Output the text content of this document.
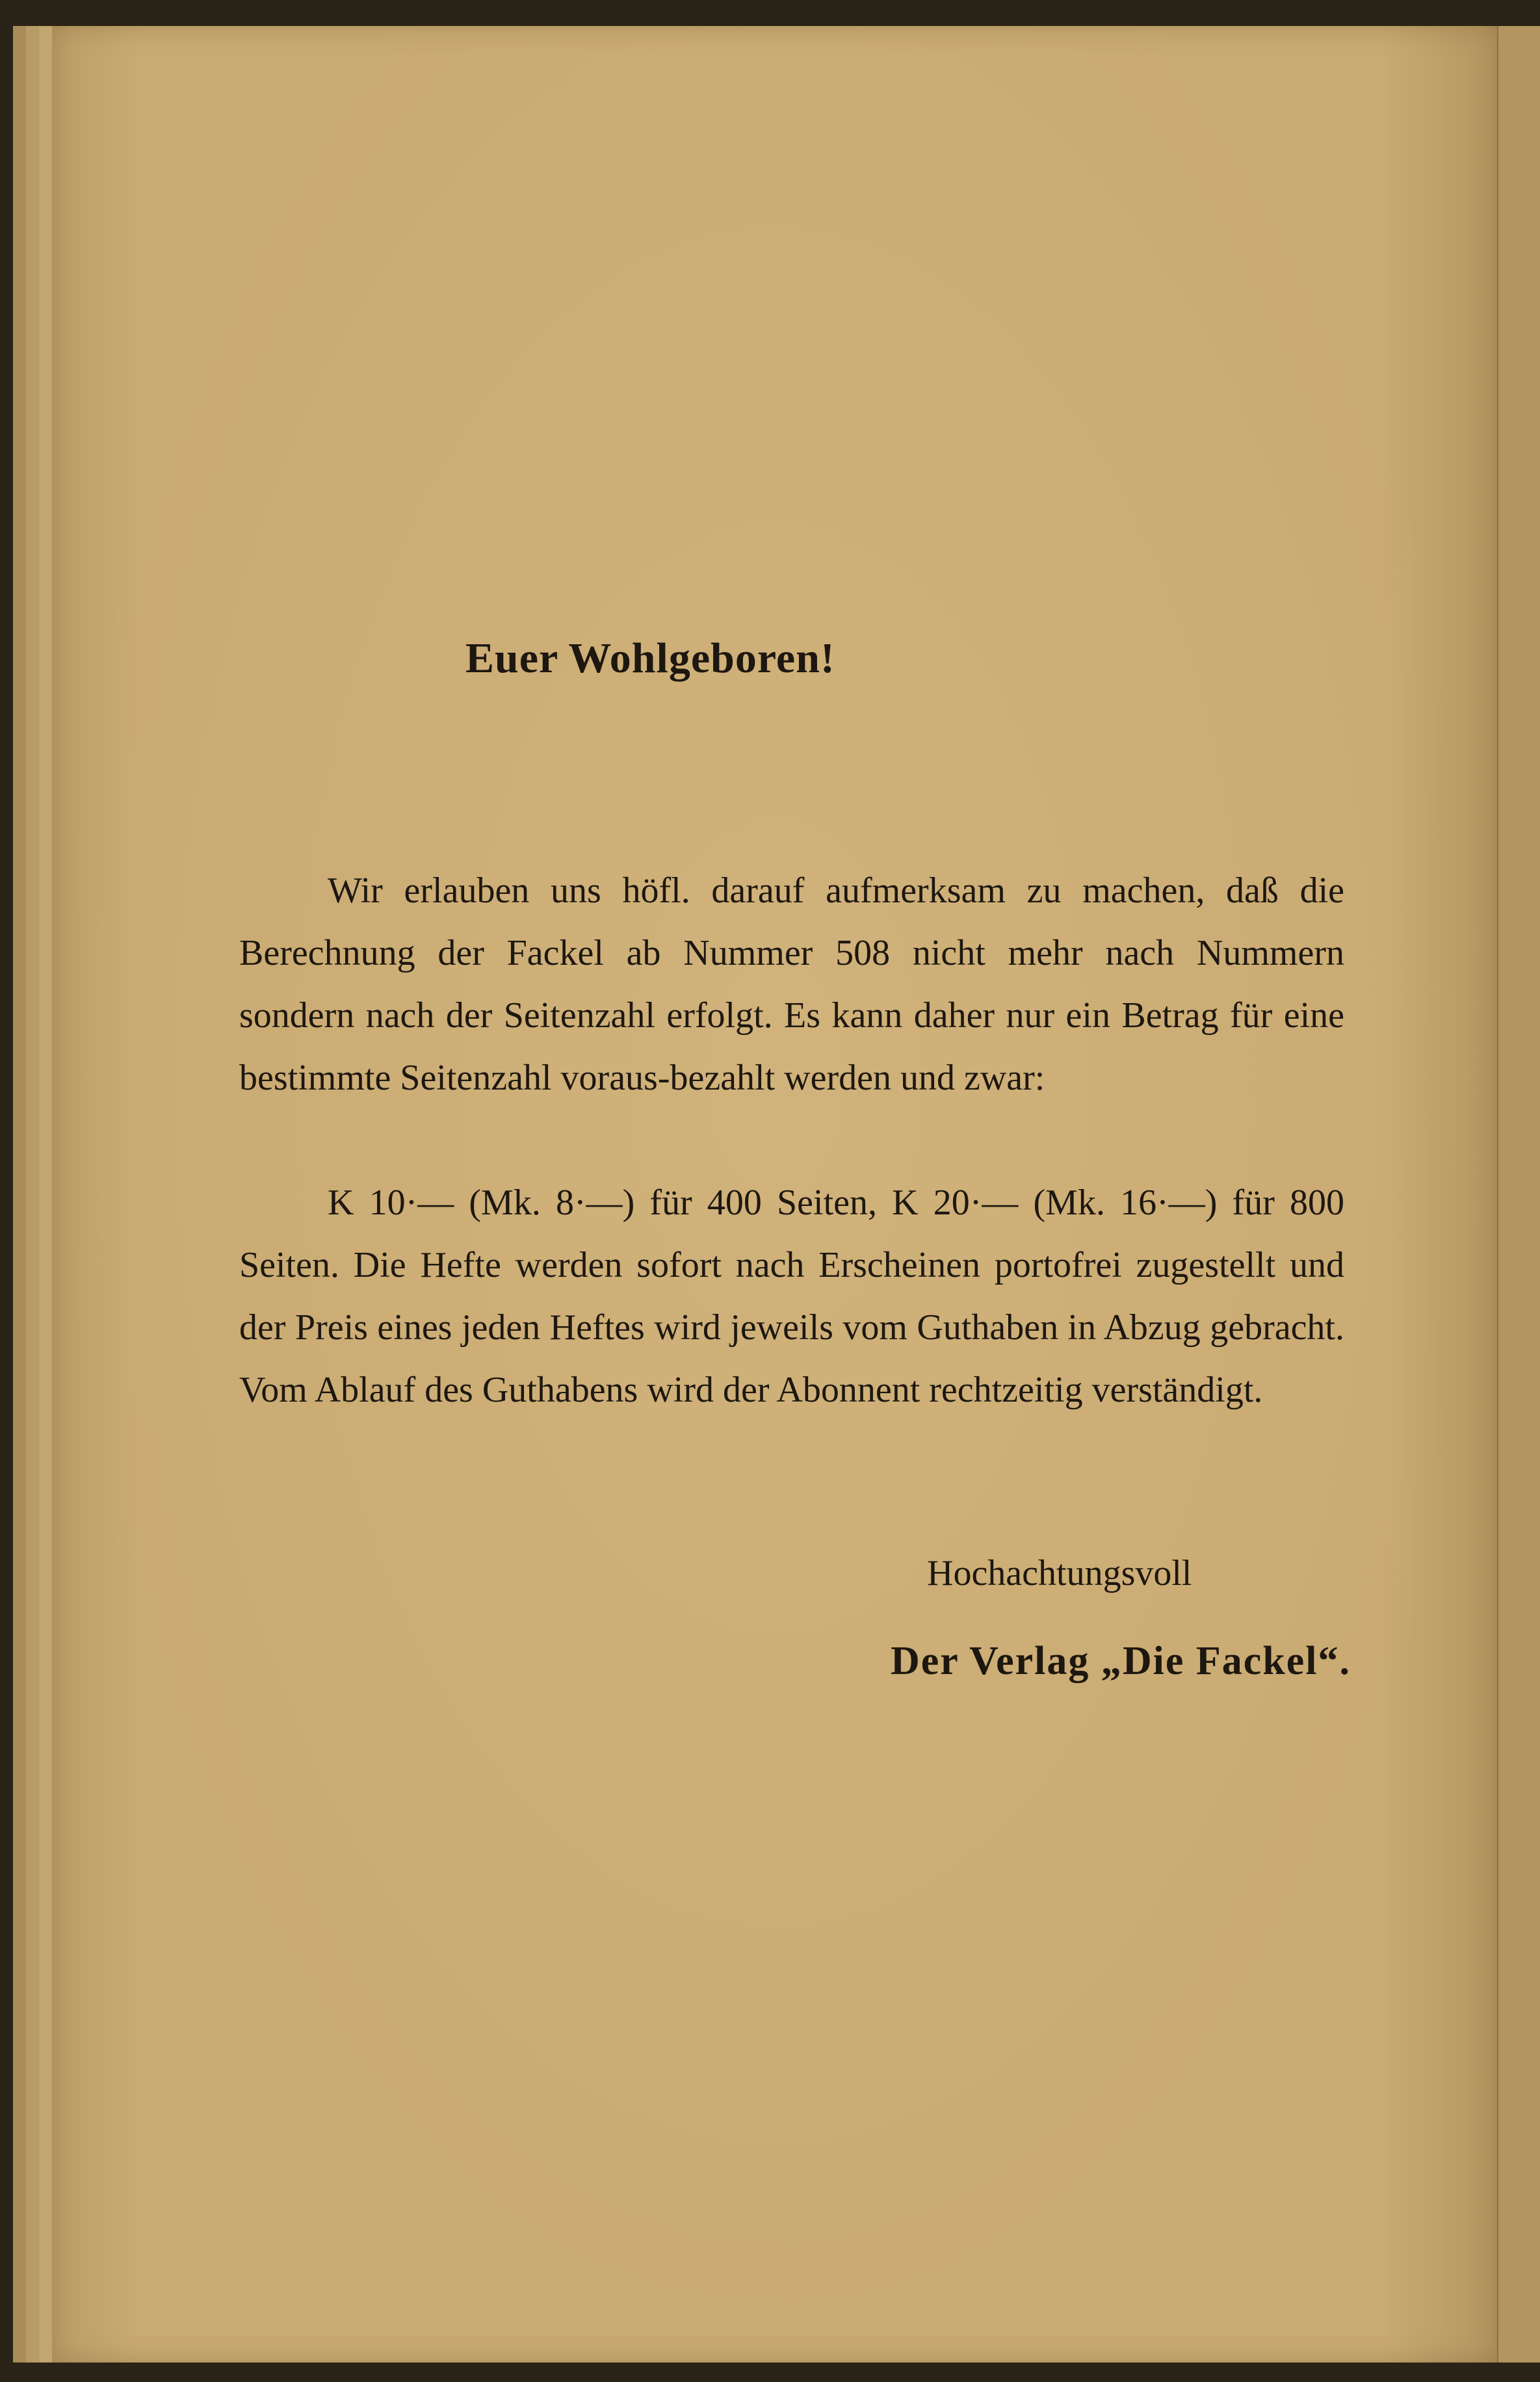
Euer Wohlgeboren!

Wir erlauben uns höfl. darauf aufmerksam zu machen, daß die Berechnung der Fackel ab Nummer 508 nicht mehr nach Nummern sondern nach der Seitenzahl erfolgt. Es kann daher nur ein Betrag für eine bestimmte Seitenzahl voraus-bezahlt werden und zwar:

K 10·— (Mk. 8·—) für 400 Seiten, K 20·— (Mk. 16·—) für 800 Seiten. Die Hefte werden sofort nach Erscheinen portofrei zugestellt und der Preis eines jeden Heftes wird jeweils vom Guthaben in Abzug gebracht. Vom Ablauf des Guthabens wird der Abonnent rechtzeitig verständigt.

Hochachtungsvoll
Der Verlag „Die Fackel“.
